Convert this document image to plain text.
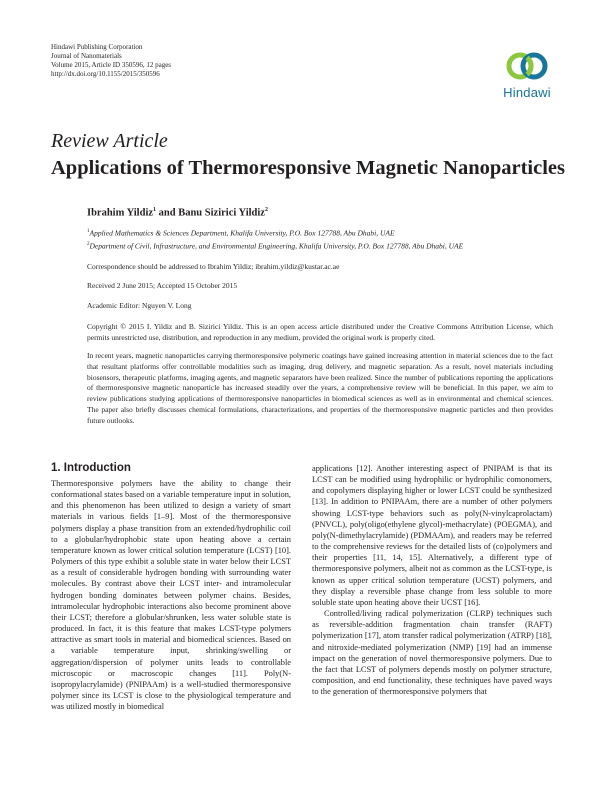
Hindawi Publishing Corporation
Journal of Nanomaterials
Volume 2015, Article ID 350596, 12 pages
http://dx.doi.org/10.1155/2015/350596
Hindawi
Review Article
Applications of Thermoresponsive Magnetic Nanoparticles
Ibrahim Yildiz$^1$ and Banu Sizirici Yildiz$^2$
$^1$Applied Mathematics & Sciences Department, Khalifa University, P.O. Box 127788, Abu Dhabi, UAE
$^2$Department of Civil, Infrastructure, and Environmental Engineering, Khalifa University, P.O. Box 127788, Abu Dhabi, UAE
Correspondence should be addressed to Ibrahim Yildiz; ibrahim.yildiz@kustar.ac.ae
Received 2 June 2015; Accepted 15 October 2015
Academic Editor: Nguyen V. Long
Copyright © 2015 I. Yildiz and B. Sizirici Yildiz. This is an open access article distributed under the Creative Commons Attribution License, which permits unrestricted use, distribution, and reproduction in any medium, provided the original work is properly cited.
In recent years, magnetic nanoparticles carrying thermoresponsive polymeric coatings have gained increasing attention in material sciences due to the fact that resultant platforms offer controllable modalities such as imaging, drug delivery, and magnetic separation. As a result, novel materials including biosensors, therapeutic platforms, imaging agents, and magnetic separators have been realized. Since the number of publications reporting the applications of thermoresponsive magnetic nanoparticle has increased steadily over the years, a comprehensive review will be beneficial. In this paper, we aim to review publications studying applications of thermoresponsive nanoparticles in biomedical sciences as well as in environmental and chemical sciences. The paper also briefly discusses chemical formulations, characterizations, and properties of the thermoresponsive magnetic particles and then provides future outlooks.
1. Introduction

Thermoresponsive polymers have the ability to change their conformational states based on a variable temperature input in solution, and this phenomenon has been utilized to design a variety of smart materials in various fields [1–9]. Most of the thermoresponsive polymers display a phase transition from an extended/hydrophilic coil to a globular/hydrophobic state upon heating above a certain temperature known as lower critical solution temperature (LCST) [10]. Polymers of this type exhibit a soluble state in water below their LCST as a result of considerable hydrogen bonding with surrounding water molecules. By contrast above their LCST inter- and intramolecular hydrogen bonding dominates between polymer chains. Besides, intramolecular hydrophobic interactions also become prominent above their LCST; therefore a globular/shrunken, less water soluble state is produced. In fact, it is this feature that makes LCST-type polymers attractive as smart tools in material and biomedical sciences. Based on a variable temperature input, shrinking/swelling or aggregation/dispersion of polymer units leads to controllable microscopic or macroscopic changes [11]. Poly(N-isopropylacrylamide) (PNIPAAm) is a well-studied thermoresponsive polymer since its LCST is close to the physiological temperature and was utilized mostly in biomedical

applications [12]. Another interesting aspect of PNIPAM is that its LCST can be modified using hydrophilic or hydrophilic comonomers, and copolymers displaying higher or lower LCST could be synthesized [13]. In addition to PNIPAAm, there are a number of other polymers showing LCST-type behaviors such as poly(N-vinylcaprolactam) (PNVCL), poly(oligo(ethylene glycol)-methacrylate) (POEGMA), and poly(N-dimethylacrylamide) (PDMAAm), and readers may be referred to the comprehensive reviews for the detailed lists of (co)polymers and their properties [11, 14, 15]. Alternatively, a different type of thermoresponsive polymers, albeit not as common as the LCST-type, is known as upper critical solution temperature (UCST) polymers, and they display a reversible phase change from less soluble to more soluble state upon heating above their UCST [16].

Controlled/living radical polymerization (CLRP) techniques such as reversible-addition fragmentation chain transfer (RAFT) polymerization [17], atom transfer radical polymerization (ATRP) [18], and nitroxide-mediated polymerization (NMP) [19] had an immense impact on the generation of novel thermoresponsive polymers. Due to the fact that LCST of polymers depends mostly on polymer structure, composition, and end functionality, these techniques have paved ways to the generation of thermoresponsive polymers that
